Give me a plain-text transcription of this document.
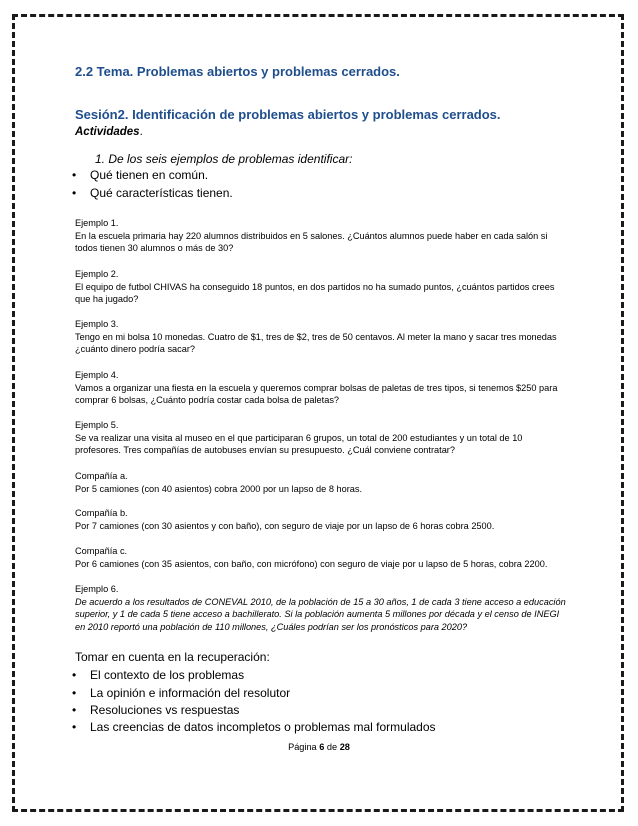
2.2 Tema. Problemas abiertos y problemas cerrados.
Sesión2. Identificación de problemas abiertos y problemas cerrados.
Actividades.
1. De los seis ejemplos de problemas identificar:
• Qué tienen en común.
• Qué características tienen.
Ejemplo 1.
En la escuela primaria hay 220 alumnos distribuidos en 5 salones. ¿Cuántos alumnos puede haber en cada salón si
todos tienen 30 alumnos o más de 30?
Ejemplo 2.
El equipo de futbol CHIVAS ha conseguido 18 puntos, en dos partidos no ha sumado puntos, ¿cuántos partidos crees
que ha jugado?
Ejemplo 3.
Tengo en mi bolsa 10 monedas. Cuatro de $1, tres de $2, tres de 50 centavos. Al meter la mano y sacar tres monedas
¿cuánto dinero podría sacar?
Ejemplo 4.
Vamos a organizar una fiesta en la escuela y queremos comprar bolsas de paletas de tres tipos, si tenemos $250 para
comprar 6 bolsas, ¿Cuánto podría costar cada bolsa de paletas?
Ejemplo 5.
Se va realizar una visita al museo en el que participaran 6 grupos, un total de 200 estudiantes y un total de 10
profesores. Tres compañías de autobuses envían su presupuesto. ¿Cuál conviene contratar?
Compañía a.
Por 5 camiones (con 40 asientos) cobra 2000 por un lapso de 8 horas.
Compañía b.
Por 7 camiones (con 30 asientos y con baño), con seguro de viaje por un lapso de 6 horas cobra 2500.
Compañía c.
Por 6 camiones (con 35 asientos, con baño, con micrófono) con seguro de viaje por u lapso de 5 horas, cobra 2200.
Ejemplo 6.
De acuerdo a los resultados de CONEVAL 2010, de la población de 15 a 30 años, 1 de cada 3 tiene acceso a educación
superior, y 1 de cada 5 tiene acceso a bachillerato. Si la población aumenta 5 millones por década y el censo de INEGI
en 2010 reportó una población de 110 millones, ¿Cuáles podrían ser los pronósticos para 2020?
Tomar en cuenta en la recuperación:
• El contexto de los problemas
• La opinión e información del resolutor
• Resoluciones vs respuestas
• Las creencias de datos incompletos o problemas mal formulados
Página 6 de 28
